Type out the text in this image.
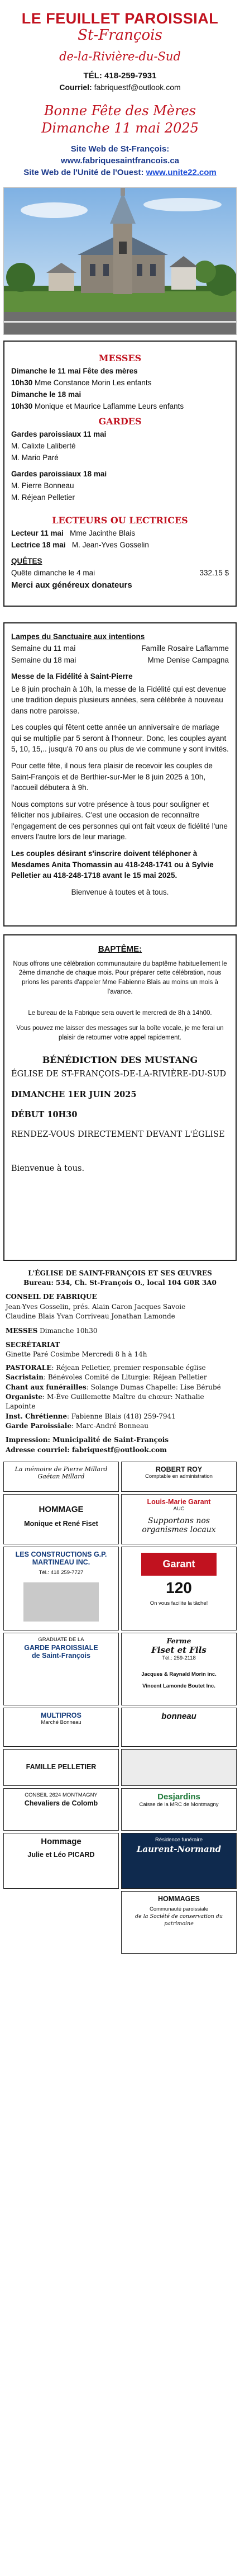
LE FEUILLET PAROISSIAL
St-François
de-la-Rivière-du-Sud
TÉL: 418-259-7931
Courriel: fabriquestf@outlook.com
Bonne Fête des Mères
Dimanche 11 mai 2025
Site Web de St-François:
www.fabriquesaintfrancois.ca
Site Web de l'Unité de l'Ouest: www.unite22.com
MESSES
Dimanche le 11 mai Fête des mères
10h30 Mme Constance Morin Les enfants
Dimanche le 18 mai
10h30 Monique et Maurice Laflamme Leurs enfants
GARDES
Gardes paroissiaux 11 mai
M. Calixte Laliberté
M. Mario Paré
Gardes paroissiaux 18 mai
M. Pierre Bonneau
M. Réjean Pelletier
LECTEURS OU LECTRICES
Lecteur 11 mai Mme Jacinthe Blais
Lectrice 18 mai M. Jean-Yves Gosselin
QUÊTES
Quête dimanche le 4 mai	332.15 $
Merci aux généreux donateurs
Lampes du Sanctuaire aux intentions
Semaine du 11 mai	Famille Rosaire Laflamme
Semaine du 18 mai	Mme Denise Campagna
Messe de la Fidélité à Saint-Pierre
Le 8 juin prochain à 10h, la messe de la Fidélité qui est devenue une tradition depuis plusieurs années, sera célébrée à nouveau dans notre paroisse.
Les couples qui fêtent cette année un anniversaire de mariage qui se multiplie par 5 seront à l'honneur. Donc, les couples ayant 5, 10, 15,.. jusqu'à 70 ans ou plus de vie commune y sont invités.
Pour cette fête, il nous fera plaisir de recevoir les couples de Saint-François et de Berthier-sur-Mer le 8 juin 2025 à 10h, l'accueil débutera à 9h.
Nous comptons sur votre présence à tous pour souligner et féliciter nos jubilaires. C'est une occasion de reconnaître l'engagement de ces personnes qui ont fait vœux de fidélité l'une envers l'autre lors de leur mariage.
Les couples désirant s'inscrire doivent téléphoner à Mesdames Anita Thomassin au 418-248-1741 ou à Sylvie Pelletier au 418-248-1718 avant le 15 mai 2025.
Bienvenue à toutes et à tous.
BAPTÊME:
Nous offrons une célébration communautaire du baptême habituellement le 2ème dimanche de chaque mois. Pour préparer cette célébration, nous prions les parents d'appeler Mme Fabienne Blais au moins un mois à l'avance.
Le bureau de la Fabrique sera ouvert le mercredi de 8h à 14h00.
Vous pouvez me laisser des messages sur la boîte vocale, je me ferai un plaisir de retourner votre appel rapidement.
BÉNÉDICTION DES MUSTANG
ÉGLISE DE ST-FRANÇOIS-DE-LA-RIVIÈRE-DU-SUD
DIMANCHE 1ER JUIN 2025
DÉBUT 10H30
RENDEZ-VOUS DIRECTEMENT DEVANT L'ÉGLISE
Bienvenue à tous.
L'ÉGLISE DE SAINT-FRANÇOIS ET SES ŒUVRES
Bureau: 534, Ch. St-François O., local 104 G0R 3A0
CONSEIL DE FABRIQUE
Jean-Yves Gosselin, prés. Alain Caron Jacques Savoie
Claudine Blais Yvan Corriveau Jonathan Lamonde
MESSES Dimanche 10h30
SECRÉTARIAT
Ginette Paré Cosimbe Mercredi 8 h à 14h
PASTORALE: Réjean Pelletier, premier responsable église
Sacristain: Bénévoles Comité de Liturgie: Réjean Pelletier
Chant aux funérailles: Solange Dumas Chapelle: Lise Bérubé
Organiste: M-Ève Guillemette Maître du chœur: Nathalie Lapointe
Inst. Chrétienne: Fabienne Blais (418) 259-7941
Garde Paroissiale: Marc-André Bonneau
Impression: Municipalité de Saint-François
Adresse courriel: fabriquestf@outlook.com
La mémoire de Pierre Millard Gaétan Millard
ROBERT ROY
Comptable en administration
HOMMAGE
Monique et René Fiset
Louis-Marie Garant
AUC
Supportons nos organismes locaux
LES CONSTRUCTIONS G.P. MARTINEAU INC.
Tél.: 418 259-7727
Garant
120
On vous facilite la tâche!
GRADUATE DE LA
GARDE PAROISSIALE
de Saint-François
Ferme
Fiset et Fils
Tél.: 259-2118
Jacques & Raynald Morin inc.
Vincent Lamonde Boutet Inc.
MULTIPROS
Marché Bonneau
bonneau
FAMILLE PELLETIER
CONSEIL 2624 MONTMAGNY
Chevaliers de Colomb
Desjardins
Caisse de la MRC de Montmagny
Hommage
Julie et Léo PICARD
Résidence funéraire
Laurent-Normand
HOMMAGES
Communauté paroissiale
de la Société de conservation du patrimoine
